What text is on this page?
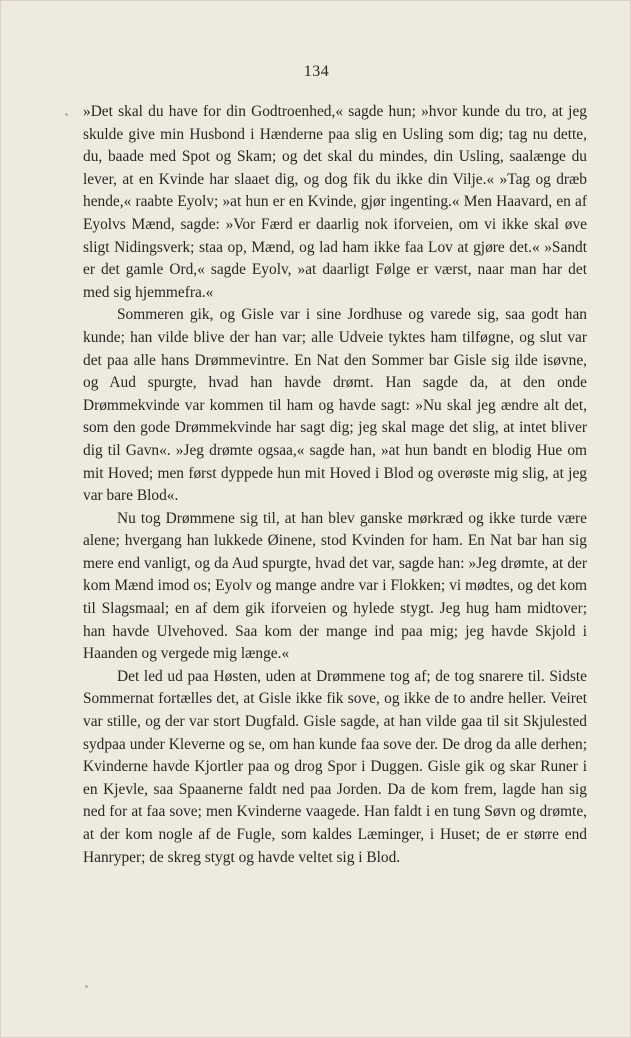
134

»Det skal du have for din Godtroenhed,« sagde hun; »hvor kunde du tro, at jeg skulde give min Husbond i Hænderne paa slig en Usling som dig; tag nu dette, du, baade med Spot og Skam; og det skal du mindes, din Usling, saalænge du lever, at en Kvinde har slaaet dig, og dog fik du ikke din Vilje.« »Tag og dræb hende,« raabte Eyolv; »at hun er en Kvinde, gjør ingenting.« Men Haavard, en af Eyolvs Mænd, sagde: »Vor Færd er daarlig nok iforveien, om vi ikke skal øve sligt Nidingsverk; staa op, Mænd, og lad ham ikke faa Lov at gjøre det.« »Sandt er det gamle Ord,« sagde Eyolv, »at daarligt Følge er værst, naar man har det med sig hjemmefra.«

Sommeren gik, og Gisle var i sine Jordhuse og varede sig, saa godt han kunde; han vilde blive der han var; alle Udveie tyktes ham tilføgne, og slut var det paa alle hans Drømmevintre. En Nat den Sommer bar Gisle sig ilde isøvne, og Aud spurgte, hvad han havde drømt. Han sagde da, at den onde Drømmekvinde var kommen til ham og havde sagt: »Nu skal jeg ændre alt det, som den gode Drømmekvinde har sagt dig; jeg skal mage det slig, at intet bliver dig til Gavn«. »Jeg drømte ogsaa,« sagde han, »at hun bandt en blodig Hue om mit Hoved; men først dyppede hun mit Hoved i Blod og overøste mig slig, at jeg var bare Blod«.

Nu tog Drømmene sig til, at han blev ganske mørkræd og ikke turde være alene; hvergang han lukkede Øinene, stod Kvinden for ham. En Nat bar han sig mere end vanligt, og da Aud spurgte, hvad det var, sagde han: »Jeg drømte, at der kom Mænd imod os; Eyolv og mange andre var i Flokken; vi mødtes, og det kom til Slagsmaal; en af dem gik iforveien og hylede stygt. Jeg hug ham midtover; han havde Ulvehoved. Saa kom der mange ind paa mig; jeg havde Skjold i Haanden og vergede mig længe.«

Det led ud paa Høsten, uden at Drømmene tog af; de tog snarere til. Sidste Sommernat fortælles det, at Gisle ikke fik sove, og ikke de to andre heller. Veiret var stille, og der var stort Dugfald. Gisle sagde, at han vilde gaa til sit Skjulested sydpaa under Kleverne og se, om han kunde faa sove der. De drog da alle derhen; Kvinderne havde Kjortler paa og drog Spor i Duggen. Gisle gik og skar Runer i en Kjevle, saa Spaanerne faldt ned paa Jorden. Da de kom frem, lagde han sig ned for at faa sove; men Kvinderne vaagede. Han faldt i en tung Søvn og drømte, at der kom nogle af de Fugle, som kaldes Læminger, i Huset; de er større end Hanryper; de skreg stygt og havde veltet sig i Blod.
